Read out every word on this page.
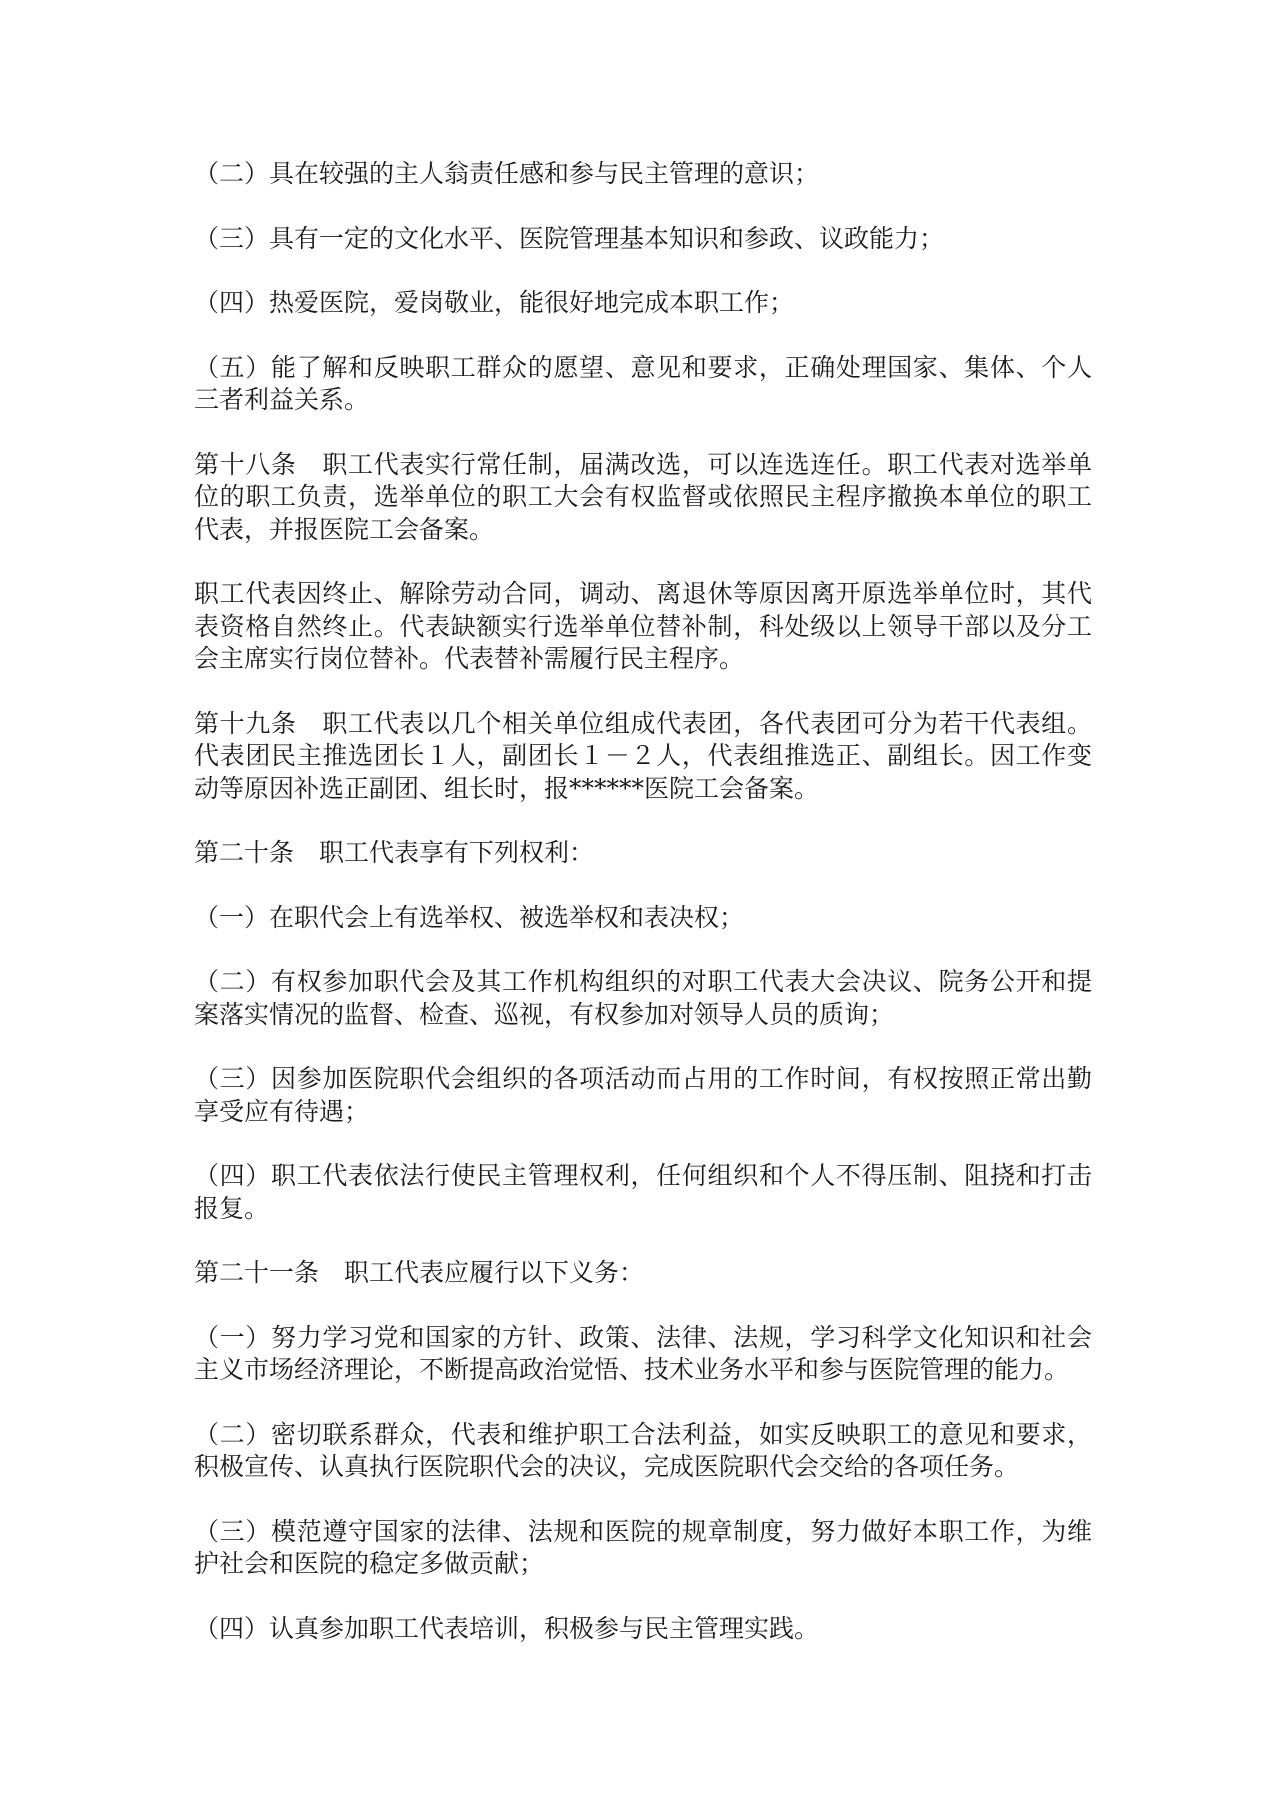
（二）具在较强的主人翁责任感和参与民主管理的意识；

（三）具有一定的文化水平、医院管理基本知识和参政、议政能力；

（四）热爱医院，爱岗敬业，能很好地完成本职工作；

（五）能了解和反映职工群众的愿望、意见和要求，正确处理国家、集体、个人三者利益关系。

第十八条　职工代表实行常任制，届满改选，可以连选连任。职工代表对选举单位的职工负责，选举单位的职工大会有权监督或依照民主程序撤换本单位的职工代表，并报医院工会备案。

职工代表因终止、解除劳动合同，调动、离退休等原因离开原选举单位时，其代表资格自然终止。代表缺额实行选举单位替补制，科处级以上领导干部以及分工会主席实行岗位替补。代表替补需履行民主程序。

第十九条　职工代表以几个相关单位组成代表团，各代表团可分为若干代表组。代表团民主推选团长１人，副团长１－２人，代表组推选正、副组长。因工作变动等原因补选正副团、组长时，报******医院工会备案。

第二十条　职工代表享有下列权利：

（一）在职代会上有选举权、被选举权和表决权；

（二）有权参加职代会及其工作机构组织的对职工代表大会决议、院务公开和提案落实情况的监督、检查、巡视，有权参加对领导人员的质询；

（三）因参加医院职代会组织的各项活动而占用的工作时间，有权按照正常出勤享受应有待遇；

（四）职工代表依法行使民主管理权利，任何组织和个人不得压制、阻挠和打击报复。

第二十一条　职工代表应履行以下义务：

（一）努力学习党和国家的方针、政策、法律、法规，学习科学文化知识和社会主义市场经济理论，不断提高政治觉悟、技术业务水平和参与医院管理的能力。

（二）密切联系群众，代表和维护职工合法利益，如实反映职工的意见和要求，积极宣传、认真执行医院职代会的决议，完成医院职代会交给的各项任务。

（三）模范遵守国家的法律、法规和医院的规章制度，努力做好本职工作，为维护社会和医院的稳定多做贡献；

（四）认真参加职工代表培训，积极参与民主管理实践。
